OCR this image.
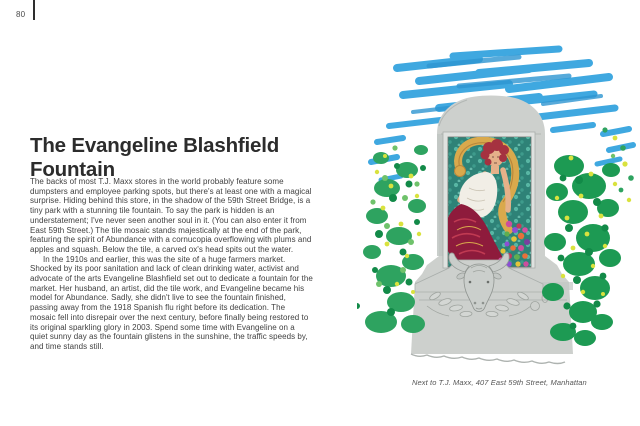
80
The Evangeline Blashfield
Fountain

The backs of most T.J. Maxx stores in the world probably feature some dumpsters and employee parking spots, but there's at least one with a magical surprise. Hiding behind this store, in the shadow of the 59th Street Bridge, is a tiny park with a stunning tile fountain. To say the park is hidden is an understatement; I've never seen another soul in it. (You can also enter it from East 59th Street.) The tile mosaic stands majestically at the end of the park, featuring the spirit of Abundance with a cornucopia overflowing with plums and apples and squash. Below the tile, a carved ox's head spits out the water.

In the 1910s and earlier, this was the site of a huge farmers market. Shocked by its poor sanitation and lack of clean drinking water, activist and advocate of the arts Evangeline Blashfield set out to dedicate a fountain for the market. Her husband, an artist, did the tile work, and Evangeline became his model for Abundance. Sadly, she didn't live to see the fountain finished, passing away from the 1918 Spanish flu right before its dedication. The mosaic fell into disrepair over the next century, before finally being restored to its original sparkling glory in 2003. Spend some time with Evangeline on a quiet sunny day as the fountain glistens in the sunshine, the traffic speeds by, and time stands still.

Next to T.J. Maxx, 407 East 59th Street, Manhattan
